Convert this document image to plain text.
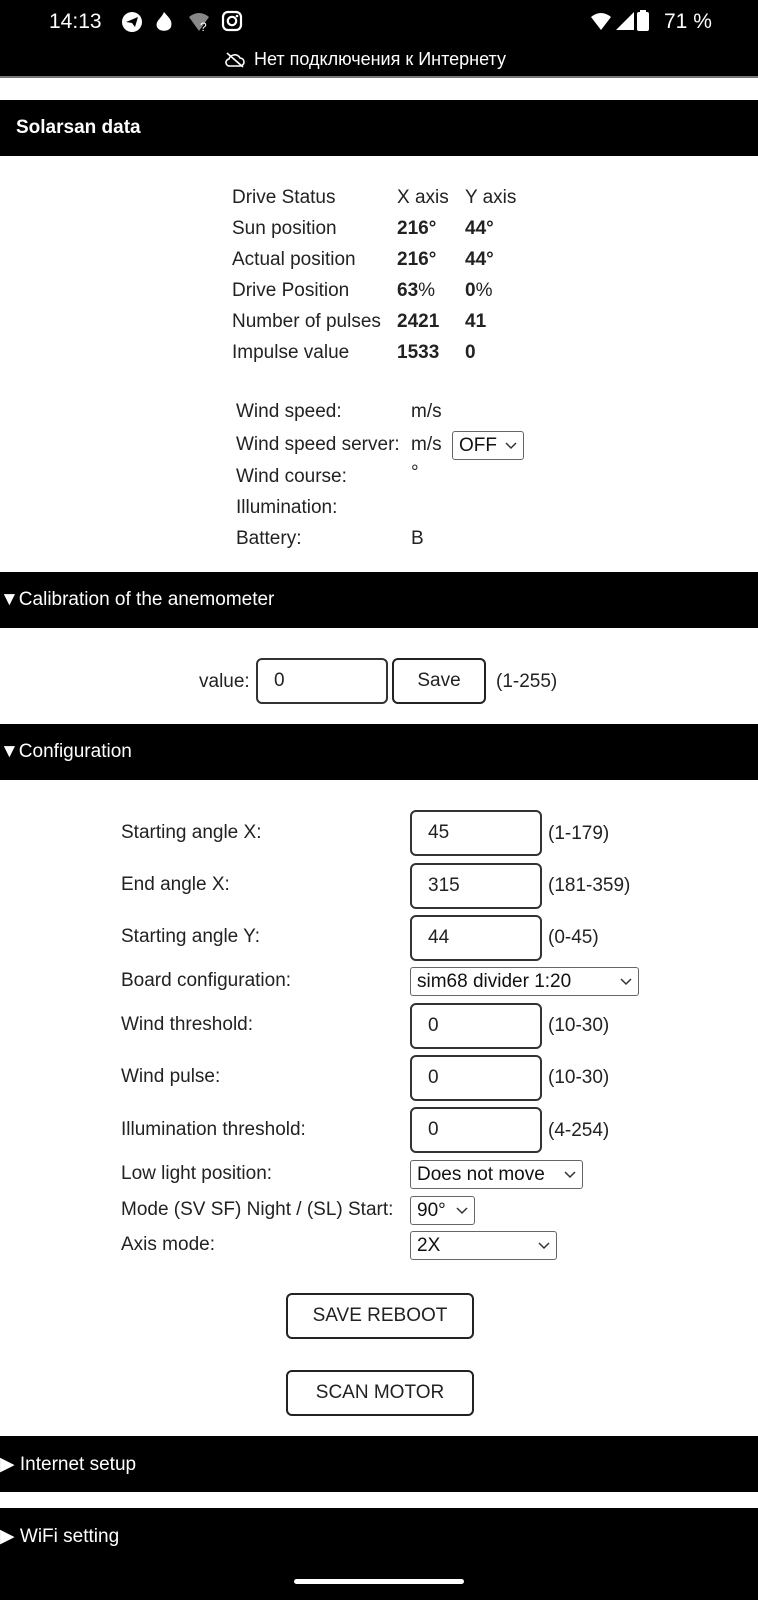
14:13	?	71 %
Нет подключения к Интернету
Solarsan data
Drive Status	X axis Y axis
Sun position	216° 44°
Actual position 216° 44°
Drive Position	63% 0%
Number of pulses 2421 41
Impulse value	1533 0
Wind speed:	m/s
Wind speed server: m/s OFF
Wind course:	°
Illumination:
Battery:	B
▼Calibration of the anemometer
value: 0	Save (1-255)
▼Configuration
Starting angle X:	45	(1-179)
End angle X:	315	(181-359)
Starting angle Y:	44	(0-45)
Board configuration:	sim68 divider 1:20
Wind threshold:	0	(10-30)
Wind pulse:	0	(10-30)
Illumination threshold:	0	(4-254)
Low light position:	Does not move
Mode (SV SF) Night / (SL) Start: 90°
Axis mode:	2X
SAVE REBOOT
SCAN MOTOR
▶ Internet setup
▶ WiFi setting
